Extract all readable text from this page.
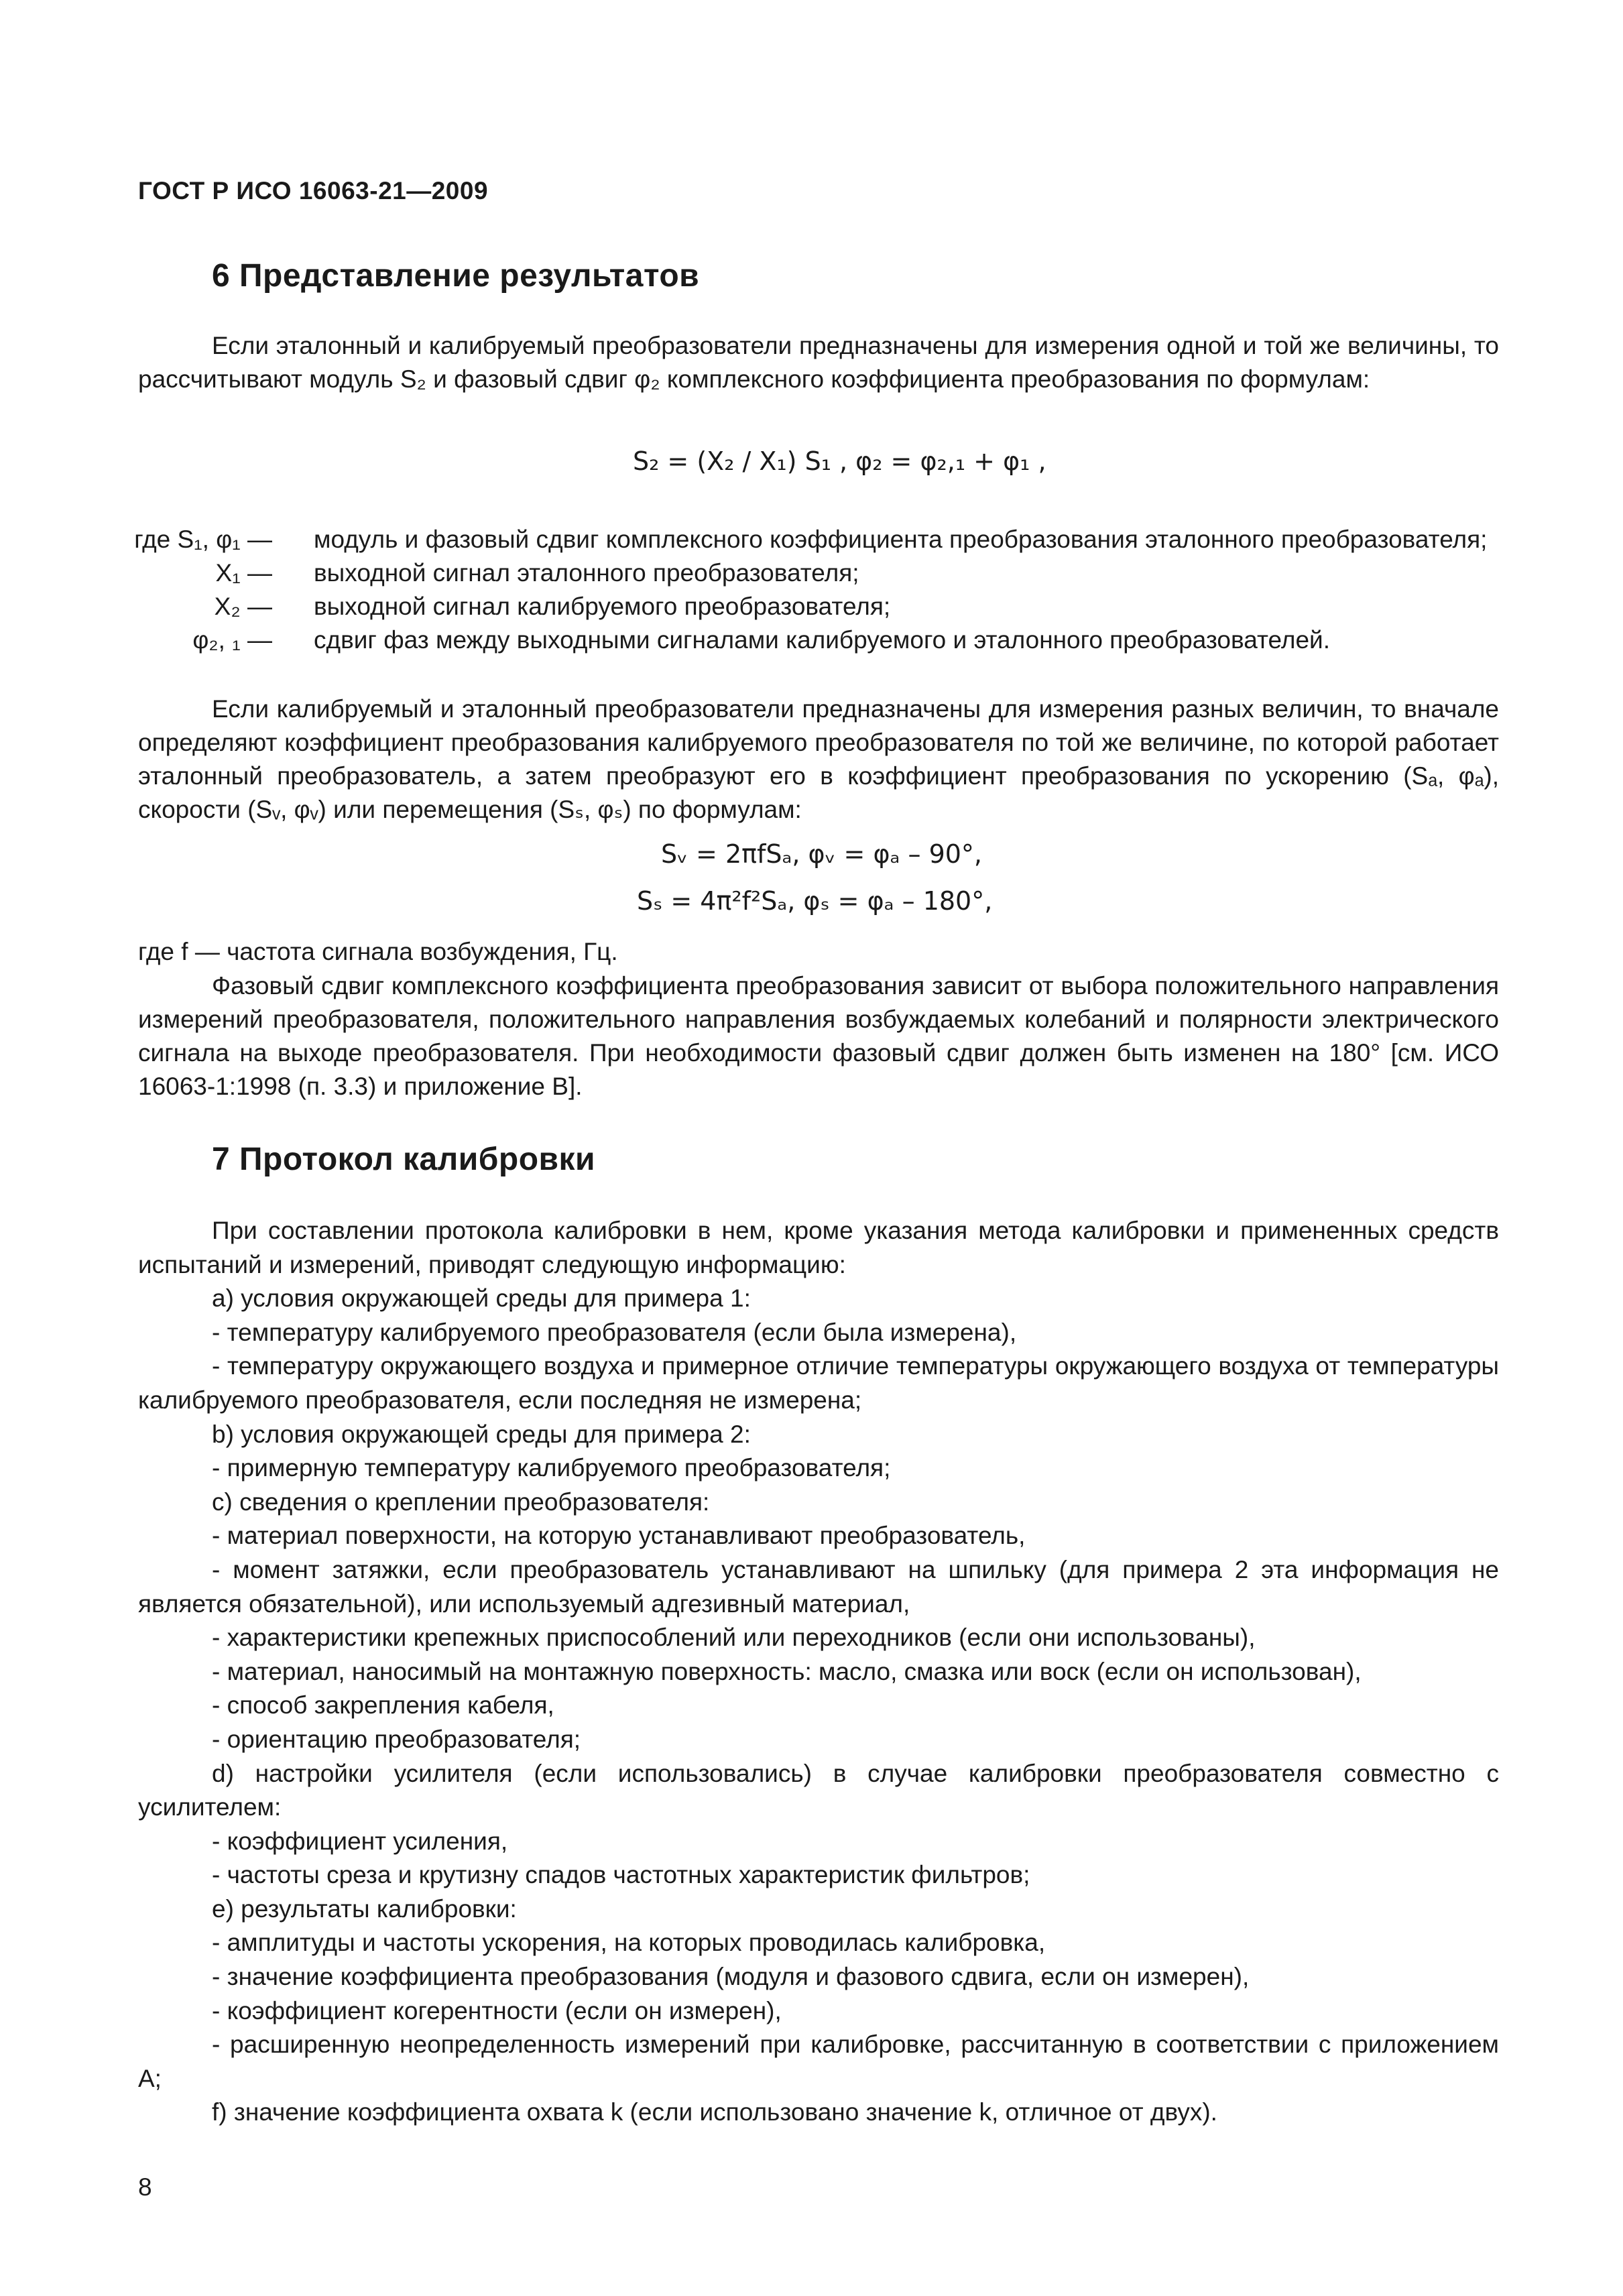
ГОСТ Р ИСО 16063-21—2009
6 Представление результатов
Если эталонный и калибруемый преобразователи предназначены для измерения одной и той же величины, то рассчитывают модуль S₂ и фазовый сдвиг φ₂ комплексного коэффициента преобразования по формулам:
S₂ = (X₂ / X₁) S₁ , φ₂ = φ₂,₁ + φ₁ ,
где S₁, φ₁ — модуль и фазовый сдвиг комплексного коэффициента преобразования эталонного преобразователя;
X₁ — выходной сигнал эталонного преобразователя;
X₂ — выходной сигнал калибруемого преобразователя;
φ₂, ₁ — сдвиг фаз между выходными сигналами калибруемого и эталонного преобразователей.
Если калибруемый и эталонный преобразователи предназначены для измерения разных величин, то вначале определяют коэффициент преобразования калибруемого преобразователя по той же величине, по которой работает эталонный преобразователь, а затем преобразуют его в коэффициент преобразования по ускорению (Sₐ, φₐ), скорости (Sᵥ, φᵥ) или перемещения (Sₛ, φₛ) по формулам:
Sᵥ = 2πfSₐ, φᵥ = φₐ – 90°,
Sₛ = 4π²f²Sₐ, φₛ = φₐ – 180°,
где f — частота сигнала возбуждения, Гц.
Фазовый сдвиг комплексного коэффициента преобразования зависит от выбора положительного направления измерений преобразователя, положительного направления возбуждаемых колебаний и полярности электрического сигнала на выходе преобразователя. При необходимости фазовый сдвиг должен быть изменен на 180° [см. ИСО 16063-1:1998 (п. 3.3) и приложение В].
7 Протокол калибровки
При составлении протокола калибровки в нем, кроме указания метода калибровки и примененных средств испытаний и измерений, приводят следующую информацию:
a) условия окружающей среды для примера 1:
- температуру калибруемого преобразователя (если была измерена),
- температуру окружающего воздуха и примерное отличие температуры окружающего воздуха от температуры калибруемого преобразователя, если последняя не измерена;
b) условия окружающей среды для примера 2:
- примерную температуру калибруемого преобразователя;
c) сведения о креплении преобразователя:
- материал поверхности, на которую устанавливают преобразователь,
- момент затяжки, если преобразователь устанавливают на шпильку (для примера 2 эта информация не является обязательной), или используемый адгезивный материал,
- характеристики крепежных приспособлений или переходников (если они использованы),
- материал, наносимый на монтажную поверхность: масло, смазка или воск (если он использован),
- способ закрепления кабеля,
- ориентацию преобразователя;
d) настройки усилителя (если использовались) в случае калибровки преобразователя совместно с усилителем:
- коэффициент усиления,
- частоты среза и крутизну спадов частотных характеристик фильтров;
e) результаты калибровки:
- амплитуды и частоты ускорения, на которых проводилась калибровка,
- значение коэффициента преобразования (модуля и фазового сдвига, если он измерен),
- коэффициент когерентности (если он измерен),
- расширенную неопределенность измерений при калибровке, рассчитанную в соответствии с приложением А;
f) значение коэффициента охвата k (если использовано значение k, отличное от двух).
8
